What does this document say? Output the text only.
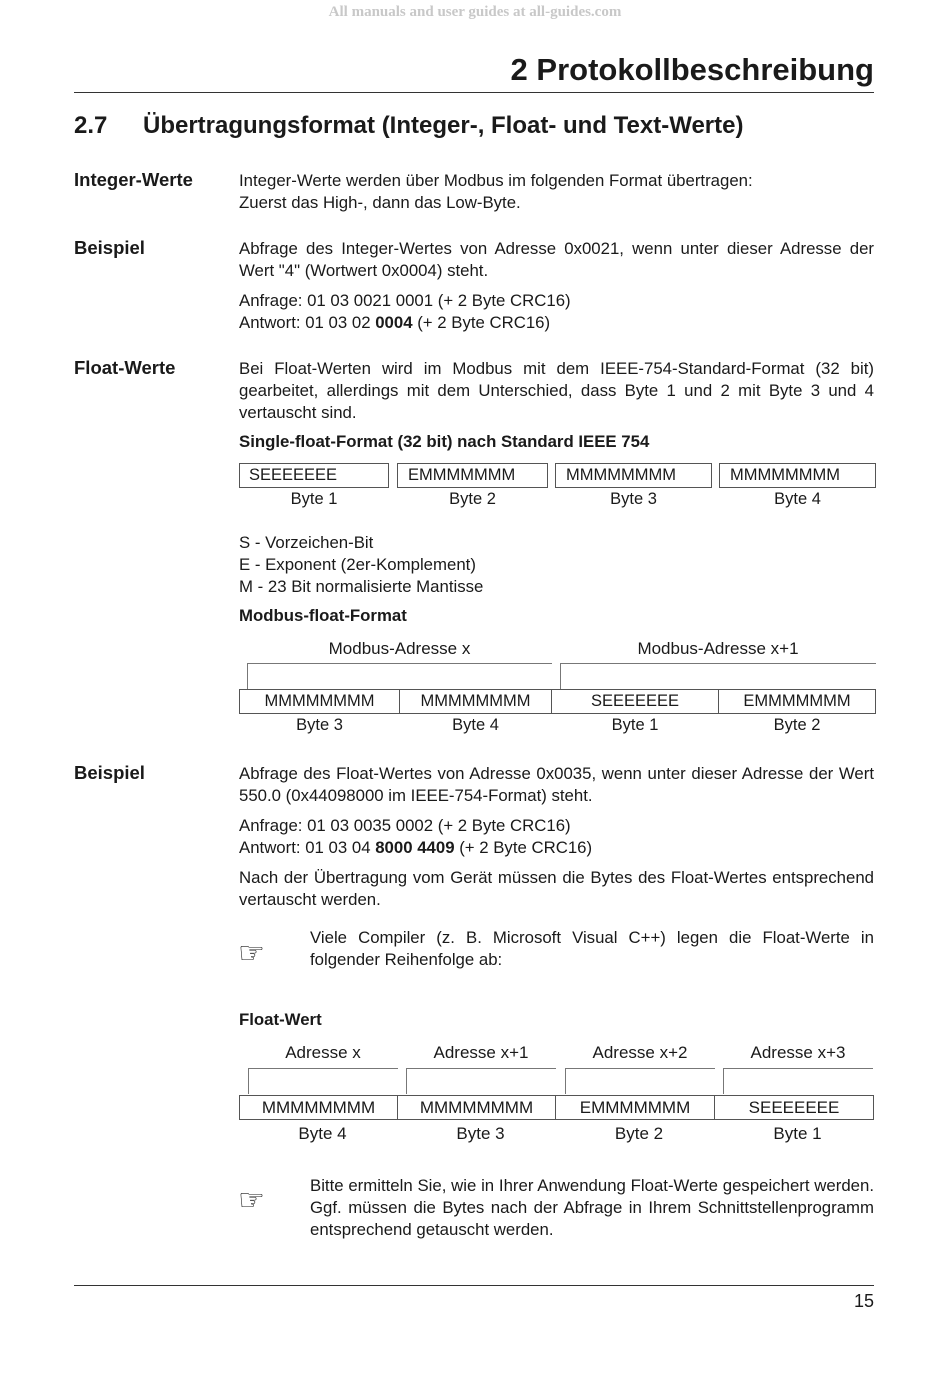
All manuals and user guides at all-guides.com
2 Protokollbeschreibung
2.7 Übertragungsformat (Integer-, Float- und Text-Werte)
Integer-Werte	Integer-Werte werden über Modbus im folgenden Format übertragen:
Zuerst das High-, dann das Low-Byte.
Beispiel	Abfrage des Integer-Wertes von Adresse 0x0021, wenn unter dieser Adresse der Wert "4" (Wortwert 0x0004) steht.
Anfrage: 01 03 0021 0001 (+ 2 Byte CRC16)
Antwort: 01 03 02 0004 (+ 2 Byte CRC16)
Float-Werte	Bei Float-Werten wird im Modbus mit dem IEEE-754-Standard-Format (32 bit) gearbeitet, allerdings mit dem Unterschied, dass Byte 1 und 2 mit Byte 3 und 4 vertauscht sind.
Single-float-Format (32 bit) nach Standard IEEE 754
SEEEEEEE	EMMMMMMM	MMMMMMMM	MMMMMMMM
Byte 1	Byte 2	Byte 3	Byte 4
S - Vorzeichen-Bit
E - Exponent (2er-Komplement)
M - 23 Bit normalisierte Mantisse
Modbus-float-Format
Modbus-Adresse x	Modbus-Adresse x+1
MMMMMMMM	MMMMMMMM	SEEEEEEE	EMMMMMMM
Byte 3	Byte 4	Byte 1	Byte 2
Beispiel	Abfrage des Float-Wertes von Adresse 0x0035, wenn unter dieser Adresse der Wert 550.0 (0x44098000 im IEEE-754-Format) steht.
Anfrage: 01 03 0035 0002 (+ 2 Byte CRC16)
Antwort: 01 03 04 8000 4409 (+ 2 Byte CRC16)
Nach der Übertragung vom Gerät müssen die Bytes des Float-Wertes entsprechend vertauscht werden.
☞	Viele Compiler (z. B. Microsoft Visual C++) legen die Float-Werte in folgender Reihenfolge ab:
Float-Wert
Adresse x	Adresse x+1	Adresse x+2	Adresse x+3
MMMMMMMM	MMMMMMMM	EMMMMMMM	SEEEEEEE
Byte 4	Byte 3	Byte 2	Byte 1
☞	Bitte ermitteln Sie, wie in Ihrer Anwendung Float-Werte gespeichert werden. Ggf. müssen die Bytes nach der Abfrage in Ihrem Schnittstellenprogramm entsprechend getauscht werden.
15
